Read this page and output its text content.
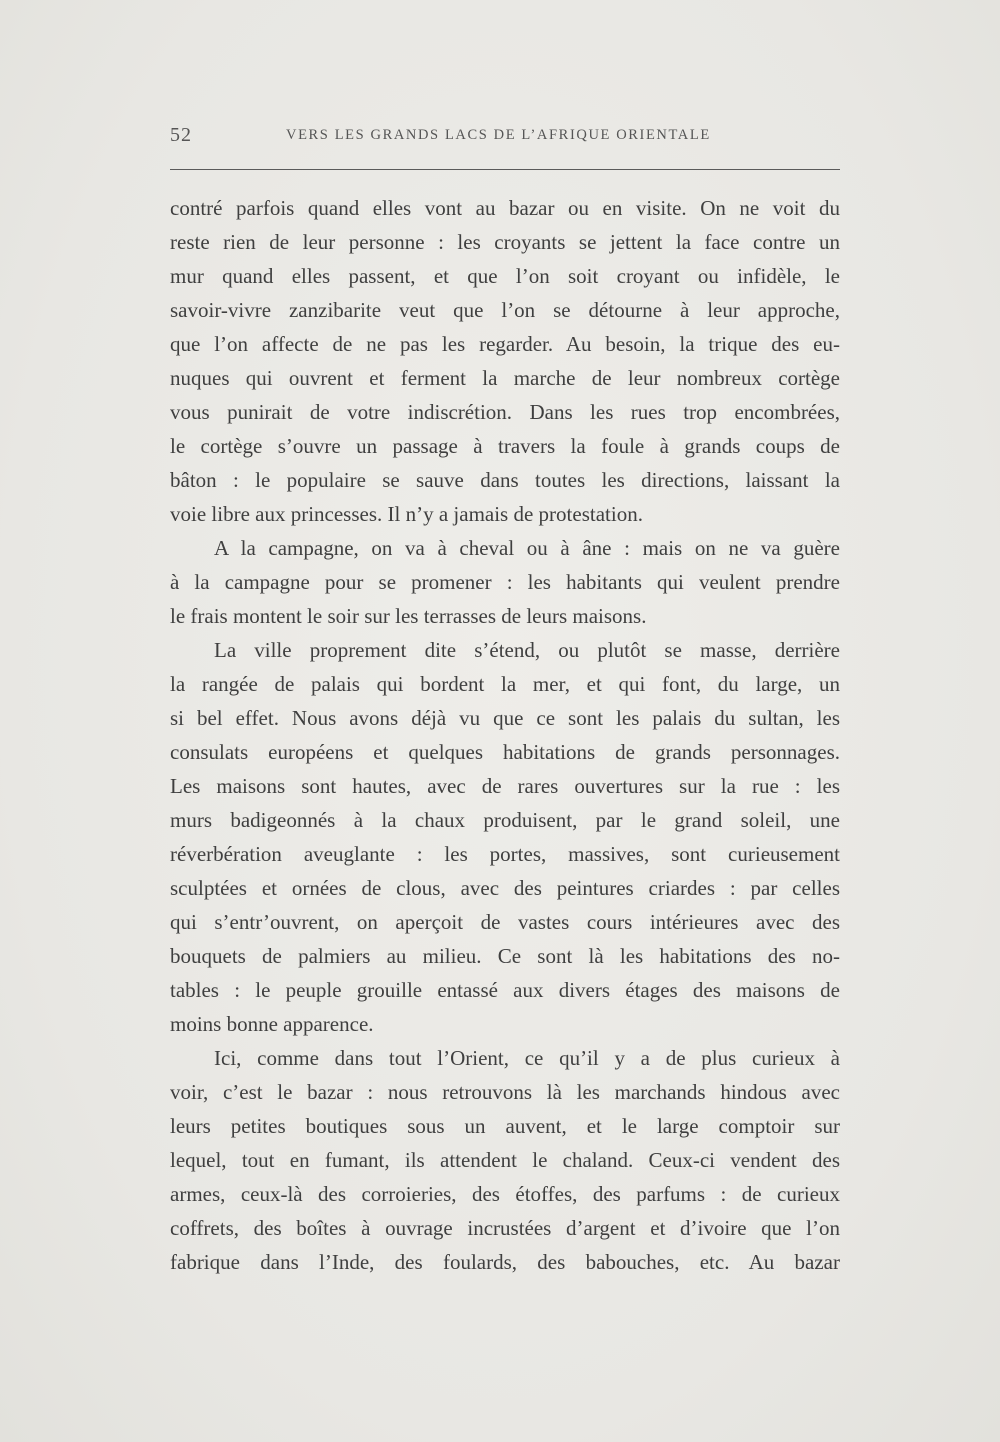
52	VERS LES GRANDS LACS DE L’AFRIQUE ORIENTALE
contré parfois quand elles vont au bazar ou en visite. On ne voit du
reste rien de leur personne : les croyants se jettent la face contre un
mur quand elles passent, et que l’on soit croyant ou infidèle, le
savoir-vivre zanzibarite veut que l’on se détourne à leur approche,
que l’on affecte de ne pas les regarder. Au besoin, la trique des eu-
nuques qui ouvrent et ferment la marche de leur nombreux cortège
vous punirait de votre indiscrétion. Dans les rues trop encombrées,
le cortège s’ouvre un passage à travers la foule à grands coups de
bâton : le populaire se sauve dans toutes les directions, laissant la
voie libre aux princesses. Il n’y a jamais de protestation.
A la campagne, on va à cheval ou à âne : mais on ne va guère
à la campagne pour se promener : les habitants qui veulent prendre
le frais montent le soir sur les terrasses de leurs maisons.
La ville proprement dite s’étend, ou plutôt se masse, derrière
la rangée de palais qui bordent la mer, et qui font, du large, un
si bel effet. Nous avons déjà vu que ce sont les palais du sultan, les
consulats européens et quelques habitations de grands personnages.
Les maisons sont hautes, avec de rares ouvertures sur la rue : les
murs badigeonnés à la chaux produisent, par le grand soleil, une
réverbération aveuglante : les portes, massives, sont curieusement
sculptées et ornées de clous, avec des peintures criardes : par celles
qui s’entr’ouvrent, on aperçoit de vastes cours intérieures avec des
bouquets de palmiers au milieu. Ce sont là les habitations des no-
tables : le peuple grouille entassé aux divers étages des maisons de
moins bonne apparence.
Ici, comme dans tout l’Orient, ce qu’il y a de plus curieux à
voir, c’est le bazar : nous retrouvons là les marchands hindous avec
leurs petites boutiques sous un auvent, et le large comptoir sur
lequel, tout en fumant, ils attendent le chaland. Ceux-ci vendent des
armes, ceux-là des corroieries, des étoffes, des parfums : de curieux
coffrets, des boîtes à ouvrage incrustées d’argent et d’ivoire que l’on
fabrique dans l’Inde, des foulards, des babouches, etc. Au bazar
